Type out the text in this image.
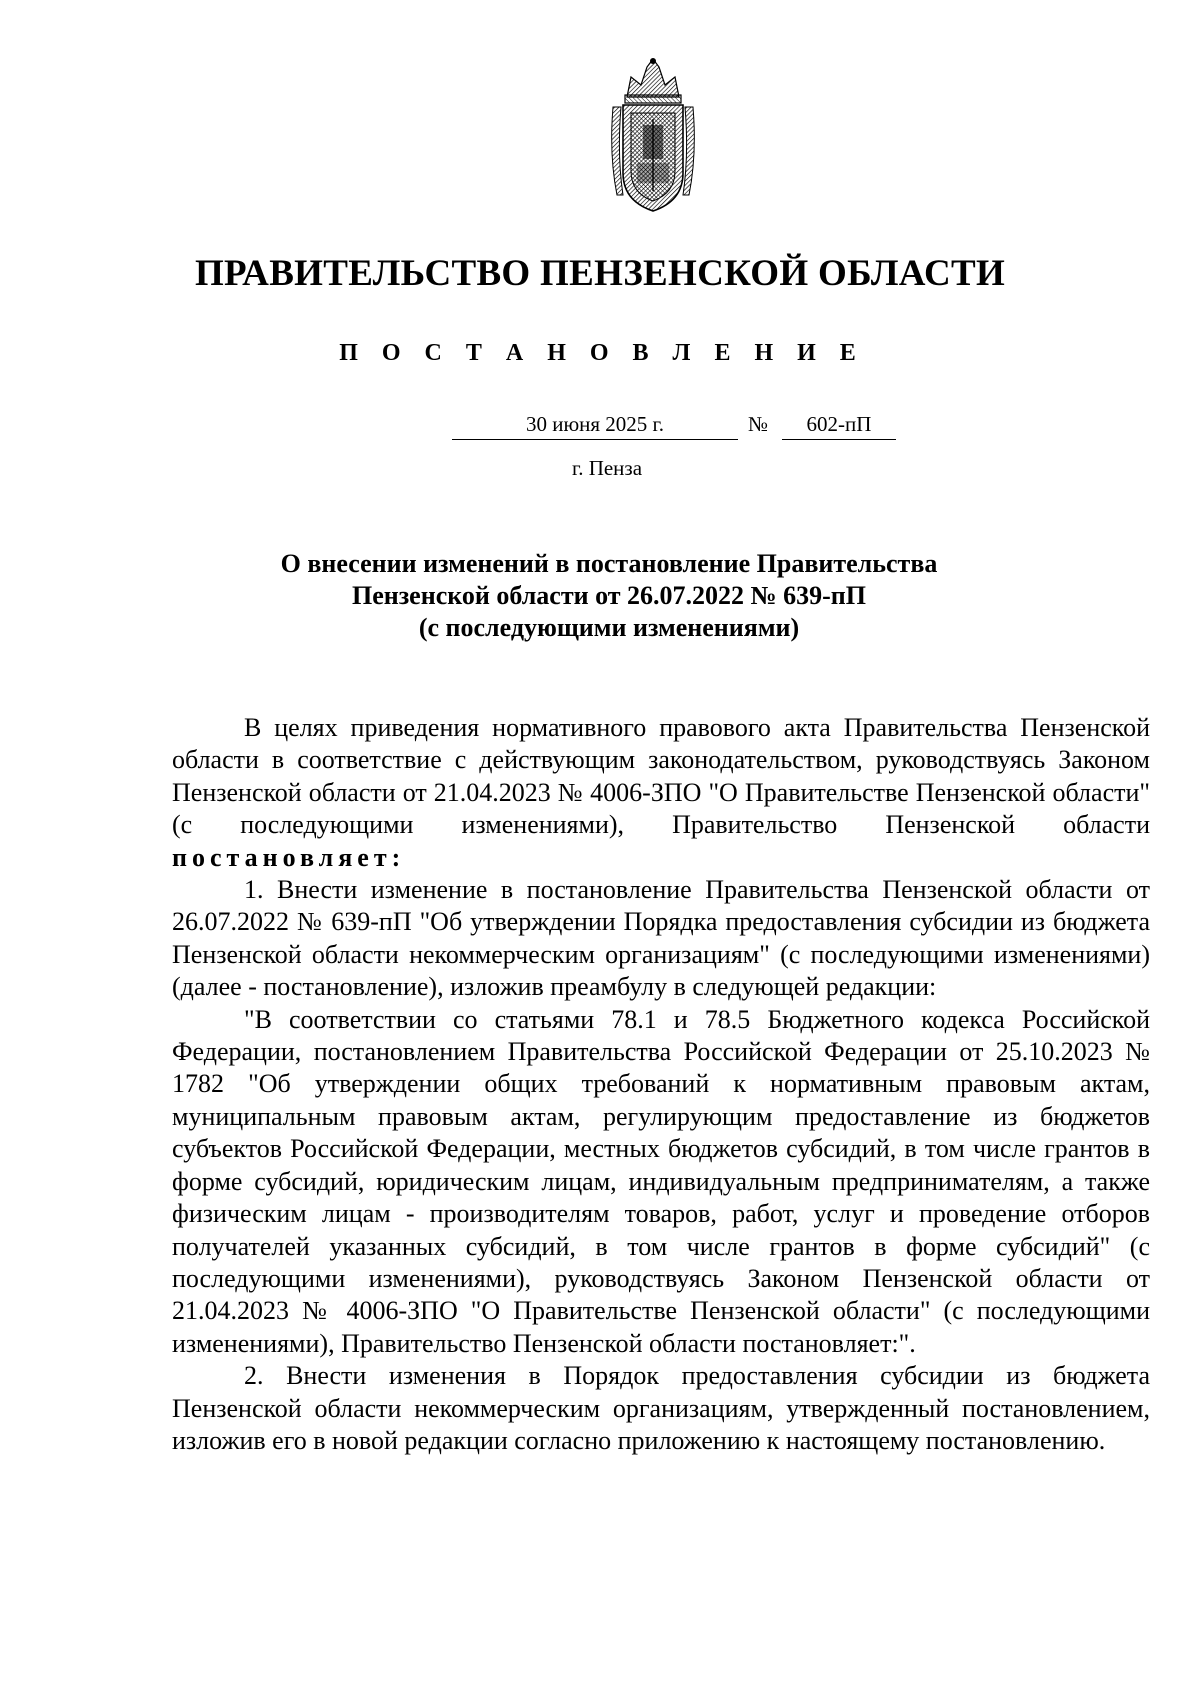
ПРАВИТЕЛЬСТВО ПЕНЗЕНСКОЙ ОБЛАСТИ
П О С Т А Н О В Л Е Н И Е
30 июня 2025 г.	№	602-пП
г. Пенза
О внесении изменений в постановление Правительства
Пензенской области от 26.07.2022 № 639-пП
(с последующими изменениями)

В целях приведения нормативного правового акта Правительства Пензенской области в соответствие с действующим законодательством, руководствуясь Законом Пензенской области от 21.04.2023 № 4006-ЗПО "О Правительстве Пензенской области" (с последующими изменениями), Правительство Пензенской области постановляет:

1. Внести изменение в постановление Правительства Пензенской области от 26.07.2022 № 639-пП "Об утверждении Порядка предоставления субсидии из бюджета Пензенской области некоммерческим организациям" (с последующими изменениями) (далее - постановление), изложив преамбулу в следующей редакции:

"В соответствии со статьями 78.1 и 78.5 Бюджетного кодекса Российской Федерации, постановлением Правительства Российской Федерации от 25.10.2023 № 1782 "Об утверждении общих требований к нормативным правовым актам, муниципальным правовым актам, регулирующим предоставление из бюджетов субъектов Российской Федерации, местных бюджетов субсидий, в том числе грантов в форме субсидий, юридическим лицам, индивидуальным предпринимателям, а также физическим лицам - производителям товаров, работ, услуг и проведение отборов получателей указанных субсидий, в том числе грантов в форме субсидий" (с последующими изменениями), руководствуясь Законом Пензенской области от 21.04.2023 № 4006-ЗПО "О Правительстве Пензенской области" (с последующими изменениями), Правительство Пензенской области постановляет:".

2. Внести изменения в Порядок предоставления субсидии из бюджета Пензенской области некоммерческим организациям, утвержденный постановлением, изложив его в новой редакции согласно приложению к настоящему постановлению.
